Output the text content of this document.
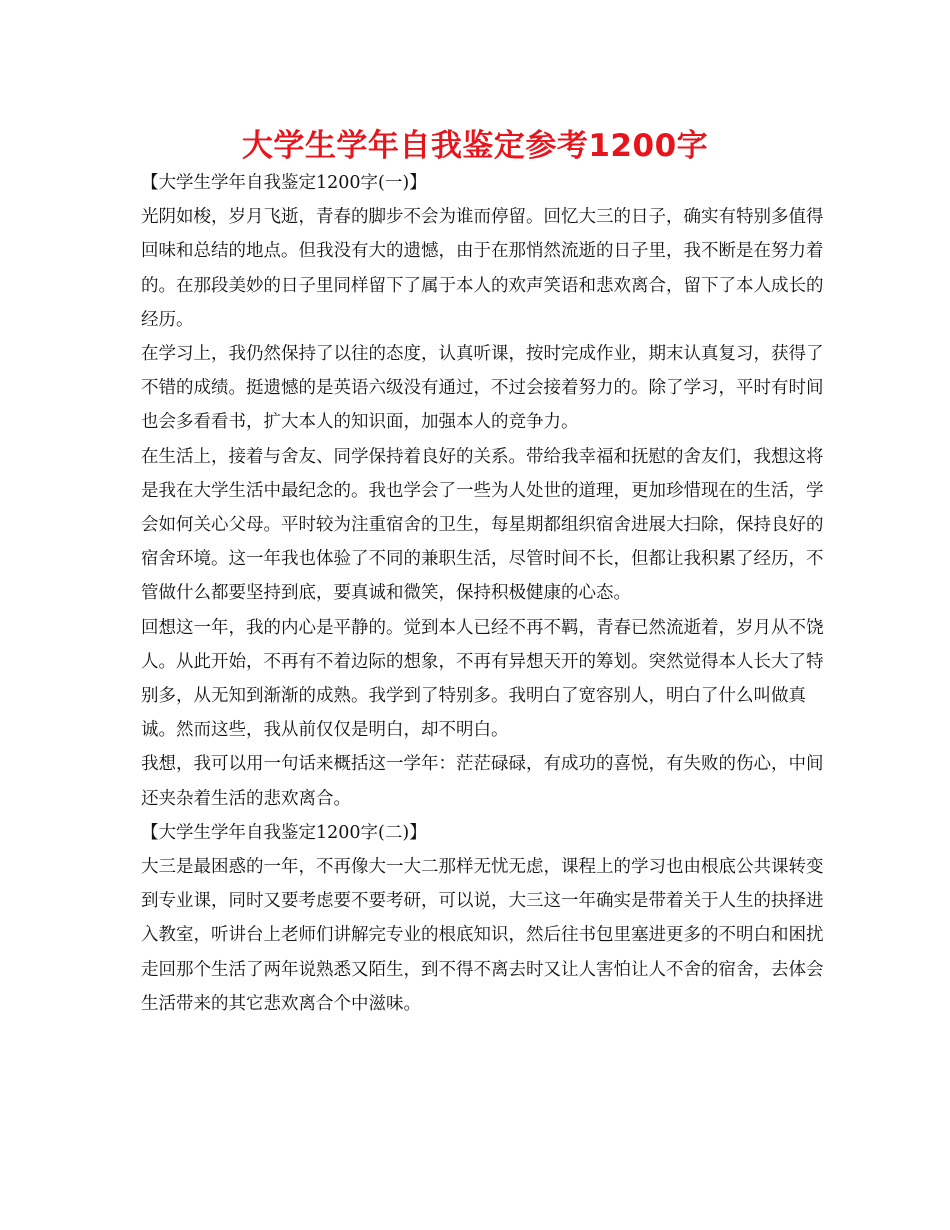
大学生学年自我鉴定参考1200字

【大学生学年自我鉴定1200字(一)】

光阴如梭，岁月飞逝，青春的脚步不会为谁而停留。回忆大三的日子，确实有特别多值得回味和总结的地点。但我没有大的遗憾，由于在那悄然流逝的日子里，我不断是在努力着的。在那段美妙的日子里同样留下了属于本人的欢声笑语和悲欢离合，留下了本人成长的经历。

在学习上，我仍然保持了以往的态度，认真听课，按时完成作业，期末认真复习，获得了不错的成绩。挺遗憾的是英语六级没有通过，不过会接着努力的。除了学习，平时有时间也会多看看书，扩大本人的知识面，加强本人的竞争力。

在生活上，接着与舍友、同学保持着良好的关系。带给我幸福和抚慰的舍友们，我想这将是我在大学生活中最纪念的。我也学会了一些为人处世的道理，更加珍惜现在的生活，学会如何关心父母。平时较为注重宿舍的卫生，每星期都组织宿舍进展大扫除，保持良好的宿舍环境。这一年我也体验了不同的兼职生活，尽管时间不长，但都让我积累了经历，不管做什么都要坚持到底，要真诚和微笑，保持积极健康的心态。

回想这一年，我的内心是平静的。觉到本人已经不再不羁，青春已然流逝着，岁月从不饶人。从此开始，不再有不着边际的想象，不再有异想天开的筹划。突然觉得本人长大了特别多，从无知到渐渐的成熟。我学到了特别多。我明白了宽容别人，明白了什么叫做真诚。然而这些，我从前仅仅是明白，却不明白。

我想，我可以用一句话来概括这一学年：茫茫碌碌，有成功的喜悦，有失败的伤心，中间还夹杂着生活的悲欢离合。

【大学生学年自我鉴定1200字(二)】

大三是最困惑的一年，不再像大一大二那样无忧无虑，课程上的学习也由根底公共课转变到专业课，同时又要考虑要不要考研，可以说，大三这一年确实是带着关于人生的抉择进入教室，听讲台上老师们讲解完专业的根底知识，然后往书包里塞进更多的不明白和困扰走回那个生活了两年说熟悉又陌生，到不得不离去时又让人害怕让人不舍的宿舍，去体会生活带来的其它悲欢离合个中滋味。
